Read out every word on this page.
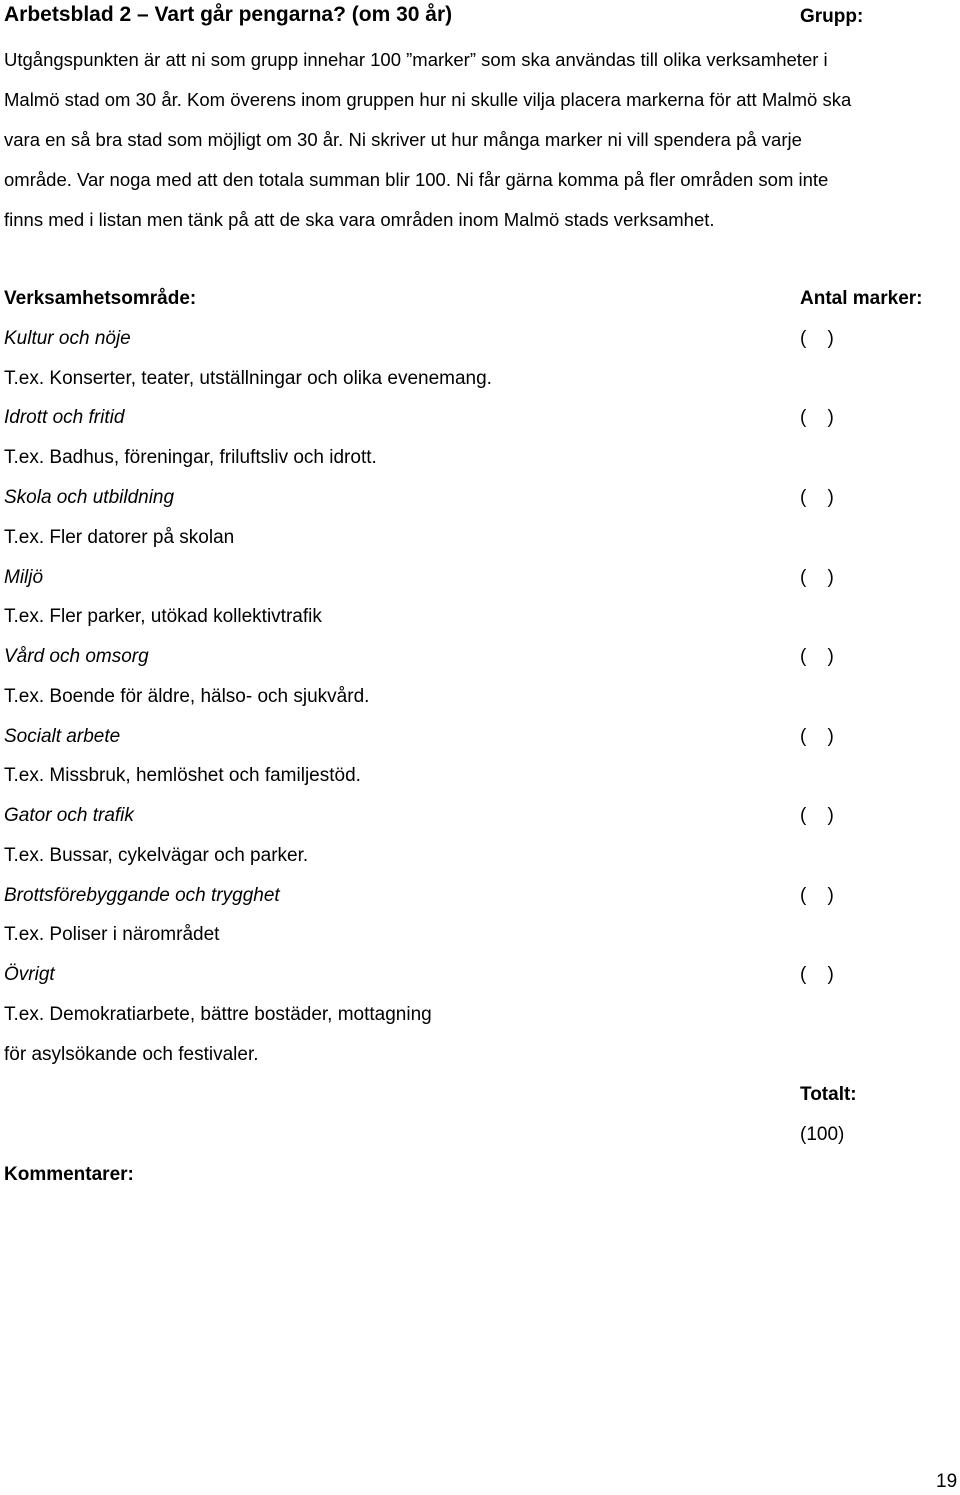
Arbetsblad 2 – Vart går pengarna? (om 30 år)	Grupp:
Utgångspunkten är att ni som grupp innehar 100 ”marker” som ska användas till olika verksamheter i
Malmö stad om 30 år. Kom överens inom gruppen hur ni skulle vilja placera markerna för att Malmö ska
vara en så bra stad som möjligt om 30 år. Ni skriver ut hur många marker ni vill spendera på varje
område. Var noga med att den totala summan blir 100. Ni får gärna komma på fler områden som inte
finns med i listan men tänk på att de ska vara områden inom Malmö stads verksamhet.
Verksamhetsområde:	Antal marker:
Kultur och nöje	(    )
T.ex. Konserter, teater, utställningar och olika evenemang.
Idrott och fritid	(    )
T.ex. Badhus, föreningar, friluftsliv och idrott.
Skola och utbildning	(    )
T.ex. Fler datorer på skolan
Miljö	(    )
T.ex. Fler parker, utökad kollektivtrafik
Vård och omsorg	(    )
T.ex. Boende för äldre, hälso- och sjukvård.
Socialt arbete	(    )
T.ex. Missbruk, hemlöshet och familjestöd.
Gator och trafik	(    )
T.ex. Bussar, cykelvägar och parker.
Brottsförebyggande och trygghet	(    )
T.ex. Poliser i närområdet
Övrigt	(    )
T.ex. Demokratiarbete, bättre bostäder, mottagning
för asylsökande och festivaler.
Totalt:
(100)
Kommentarer:
19
